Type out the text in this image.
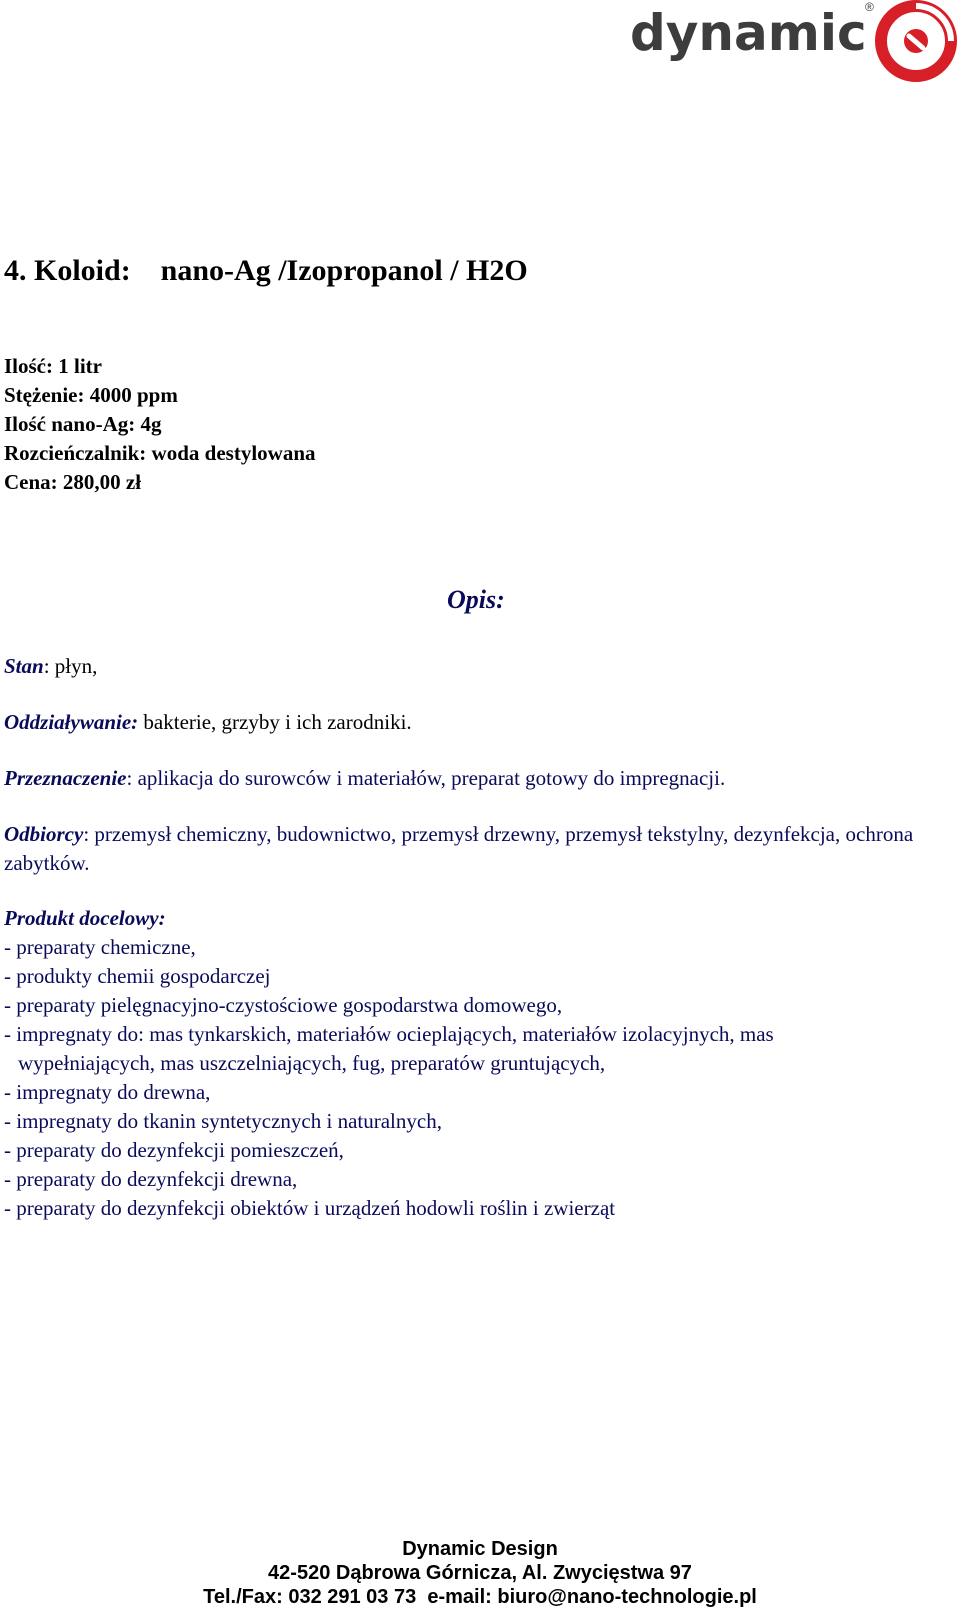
dynamic
®
4. Koloid:    nano-Ag /Izopropanol / H2O
Ilość: 1 litr
Stężenie: 4000 ppm
Ilość nano-Ag: 4g
Rozcieńczalnik: woda destylowana
Cena: 280,00 zł
Opis:
Stan: płyn,
Oddziaływanie: bakterie, grzyby i ich zarodniki.
Przeznaczenie: aplikacja do surowców i materiałów, preparat gotowy do impregnacji.
Odbiorcy: przemysł chemiczny, budownictwo, przemysł drzewny, przemysł tekstylny, dezynfekcja, ochrona zabytków.
Produkt docelowy:
- preparaty chemiczne,
- produkty chemii gospodarczej
- preparaty pielęgnacyjno-czystościowe gospodarstwa domowego,
- impregnaty do: mas tynkarskich, materiałów ocieplających, materiałów izolacyjnych, mas
wypełniających, mas uszczelniających, fug, preparatów gruntujących,
- impregnaty do drewna,
- impregnaty do tkanin syntetycznych i naturalnych,
- preparaty do dezynfekcji pomieszczeń,
- preparaty do dezynfekcji drewna,
- preparaty do dezynfekcji obiektów i urządzeń hodowli roślin i zwierząt
Dynamic Design
42-520 Dąbrowa Górnicza, Al. Zwycięstwa 97
Tel./Fax: 032 291 03 73  e-mail: biuro@nano-technologie.pl
